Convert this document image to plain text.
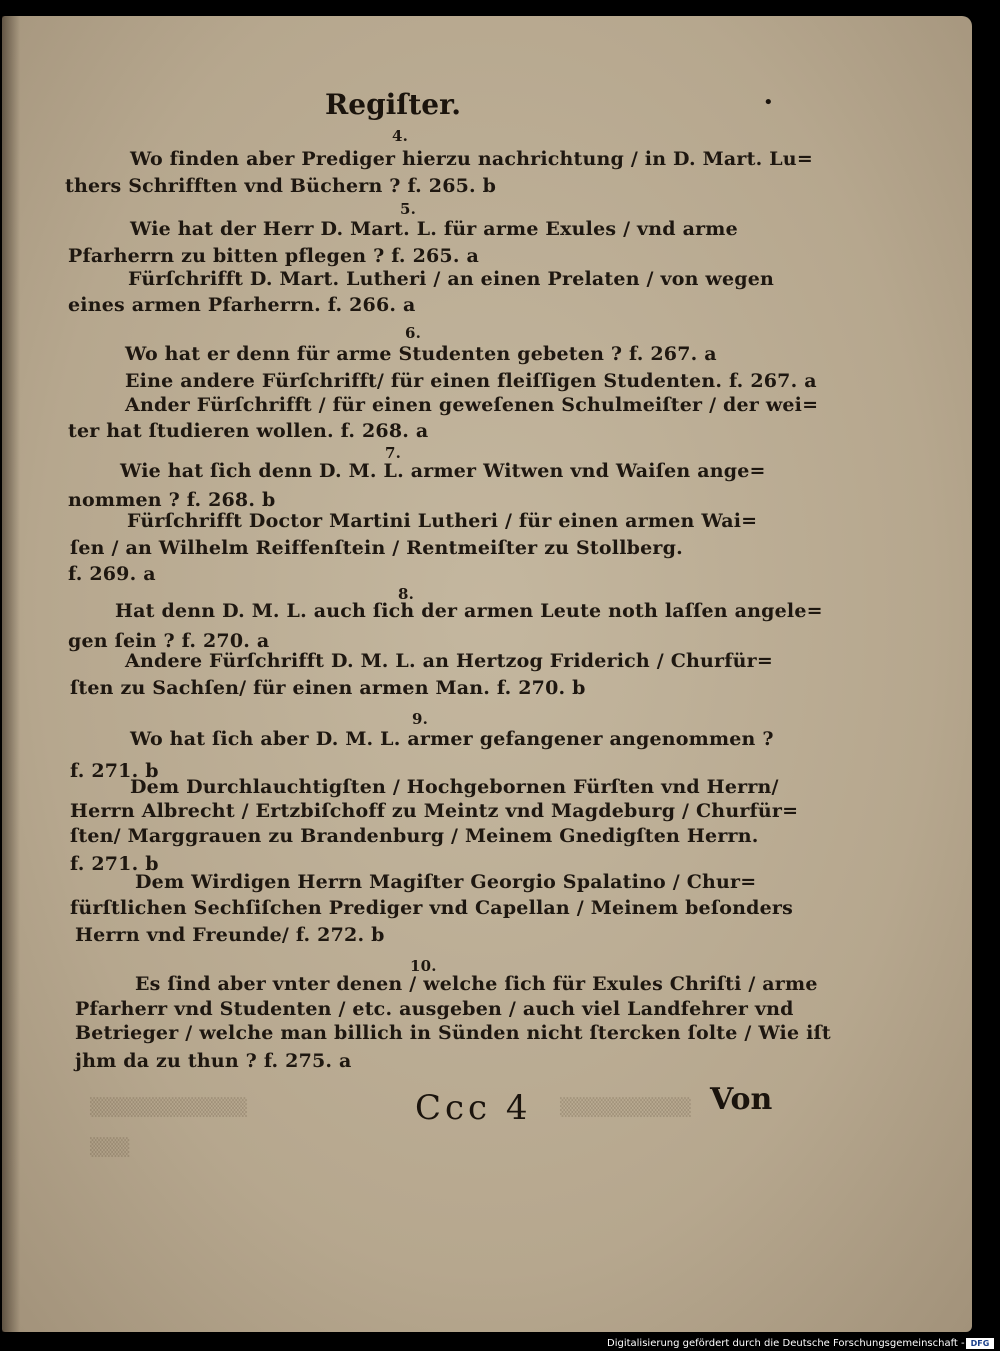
▒▒▒▒▒▒▒▒▒▒▒▒	▒▒▒▒▒▒▒▒▒▒
▒▒▒
Regiſter.	•
4.
Wo finden aber Prediger hierzu nachrichtung / in D. Mart. Lu=
thers Schrifften vnd Büchern ? f. 265. b
5.
Wie hat der Herr D. Mart. L. für arme Exules / vnd arme
Pfarherrn zu bitten pflegen ? f. 265. a
Fürſchrifft D. Mart. Lutheri / an einen Prelaten / von wegen
eines armen Pfarherrn. f. 266. a
6.
Wo hat er denn für arme Studenten gebeten ? f. 267. a
Eine andere Fürſchrifft/ für einen fleiſſigen Studenten. f. 267. a
Ander Fürſchrifft / für einen geweſenen Schulmeiſter / der wei=
ter hat ſtudieren wollen. f. 268. a
7.
Wie hat ſich denn D. M. L. armer Witwen vnd Waiſen ange=
nommen ? f. 268. b
Fürſchrifft Doctor Martini Lutheri / für einen armen Wai=
ſen / an Wilhelm Reiffenſtein / Rentmeiſter zu Stollberg.
f. 269. a
8.
Hat denn D. M. L. auch ſich der armen Leute noth laſſen angele=
gen ſein ? f. 270. a
Andere Fürſchrifft D. M. L. an Hertzog Friderich / Churfür=
ſten zu Sachſen/ für einen armen Man. f. 270. b
9.
Wo hat ſich aber D. M. L. armer gefangener angenommen ?
f. 271. b
Dem Durchlauchtigſten / Hochgebornen Fürſten vnd Herrn/
Herrn Albrecht / Ertzbiſchoff zu Meintz vnd Magdeburg / Churfür=
ſten/ Marggrauen zu Brandenburg / Meinem Gnedigſten Herrn.
f. 271. b
Dem Wirdigen Herrn Magiſter Georgio Spalatino / Chur=
fürſtlichen Sechſiſchen Prediger vnd Capellan / Meinem beſonders
Herrn vnd Freunde/ f. 272. b
10.
Es ſind aber vnter denen / welche ſich für Exules Chriſti / arme
Pfarherr vnd Studenten / etc. ausgeben / auch viel Landfehrer vnd
Betrieger / welche man billich in Sünden nicht ſtercken ſolte / Wie iſt
jhm da zu thun ? f. 275. a
Ccc 4	Von
Digitalisierung gefördert durch die Deutsche Forschungsgemeinschaft - DFG
